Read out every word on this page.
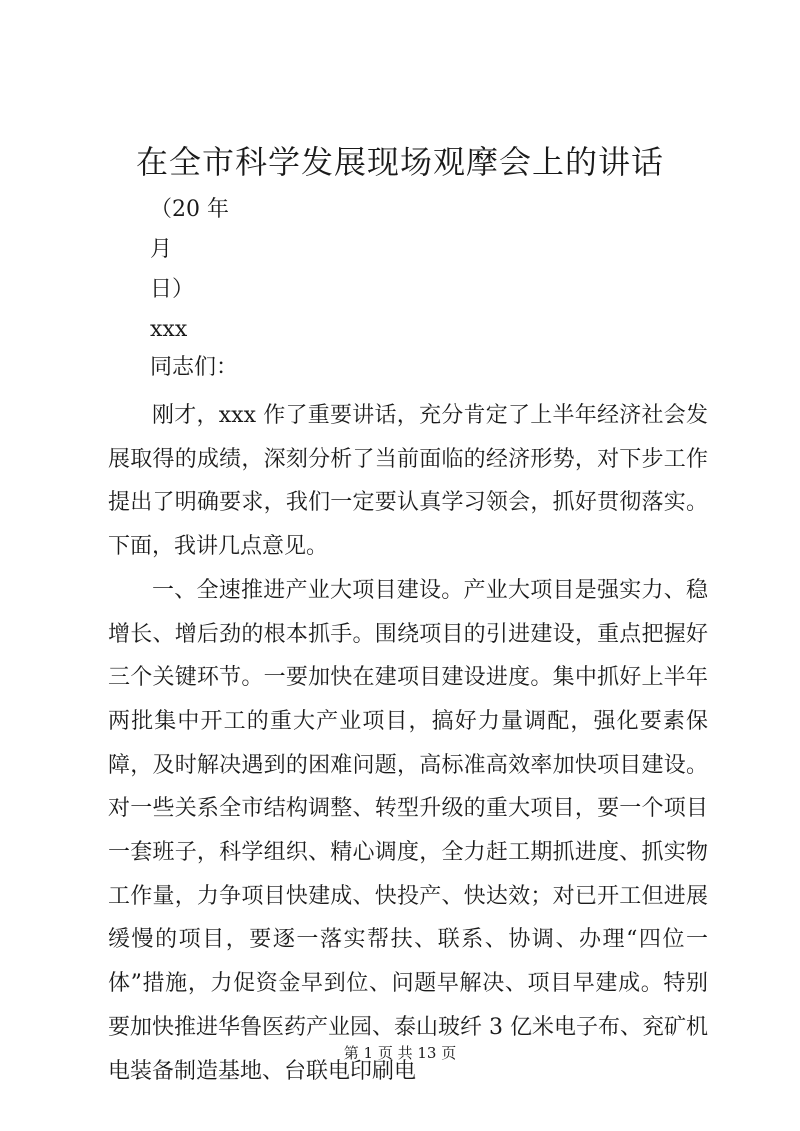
在全市科学发展现场观摩会上的讲话

（20 年

月

日）

xxx

同志们：

刚才，xxx 作了重要讲话，充分肯定了上半年经济社会发展取得的成绩，深刻分析了当前面临的经济形势，对下步工作提出了明确要求，我们一定要认真学习领会，抓好贯彻落实。下面，我讲几点意见。

一、全速推进产业大项目建设。产业大项目是强实力、稳增长、增后劲的根本抓手。围绕项目的引进建设，重点把握好三个关键环节。一要加快在建项目建设进度。集中抓好上半年两批集中开工的重大产业项目，搞好力量调配，强化要素保障，及时解决遇到的困难问题，高标准高效率加快项目建设。对一些关系全市结构调整、转型升级的重大项目，要一个项目一套班子，科学组织、精心调度，全力赶工期抓进度、抓实物工作量，力争项目快建成、快投产、快达效；对已开工但进展缓慢的项目，要逐一落实帮扶、联系、协调、办理“四位一体”措施，力促资金早到位、问题早解决、项目早建成。特别要加快推进华鲁医药产业园、泰山玻纤 3 亿米电子布、兖矿机电装备制造基地、台联电印刷电

第 1 页 共 13 页
